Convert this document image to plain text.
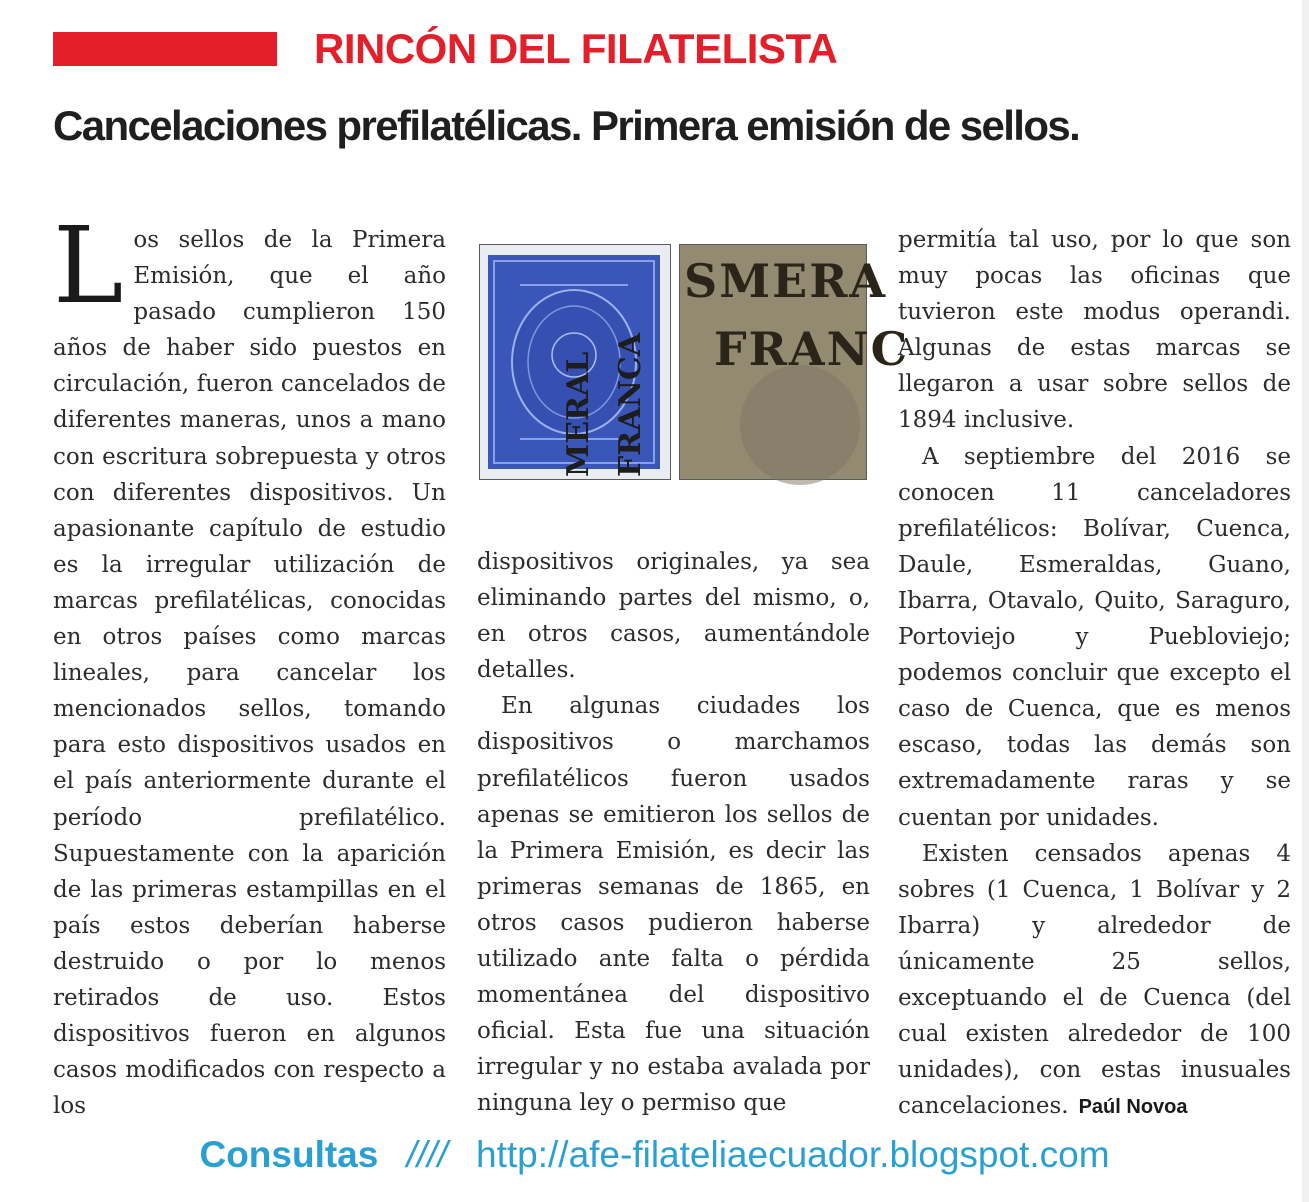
RINCÓN DEL FILATELISTA
Cancelaciones prefilatélicas. Primera emisión de sellos.

Los sellos de la Primera Emisión, que el año pasado cumplieron 150 años de haber sido puestos en circulación, fueron cancelados de diferentes maneras, unos a mano con escritura sobrepuesta y otros con diferentes dispositivos. Un apasionante capítulo de estudio es la irregular utilización de marcas prefilatélicas, conocidas en otros países como marcas lineales, para cancelar los mencionados sellos, tomando para esto dispositivos usados en el país anteriormente durante el período prefilatélico. Supuestamente con la aparición de las primeras estampillas en el país estos deberían haberse destruido o por lo menos retirados de uso. Estos dispositivos fueron en algunos casos modificados con respecto a los

MERAL FRANCA
SMERA
FRANC

dispositivos originales, ya sea eliminando partes del mismo, o, en otros casos, aumentándole detalles.

En algunas ciudades los dispositivos o marchamos prefilatélicos fueron usados apenas se emitieron los sellos de la Primera Emisión, es decir las primeras semanas de 1865, en otros casos pudieron haberse utilizado ante falta o pérdida momentánea del dispositivo oficial. Esta fue una situación irregular y no estaba avalada por ninguna ley o permiso que

permitía tal uso, por lo que son muy pocas las oficinas que tuvieron este modus operandi. Algunas de estas marcas se llegaron a usar sobre sellos de 1894 inclusive.

A septiembre del 2016 se conocen 11 canceladores prefilatélicos: Bolívar, Cuenca, Daule, Esmeraldas, Guano, Ibarra, Otavalo, Quito, Saraguro, Portoviejo y Puebloviejo; podemos concluir que excepto el caso de Cuenca, que es menos escaso, todas las demás son extremadamente raras y se cuentan por unidades.

Existen censados apenas 4 sobres (1 Cuenca, 1 Bolívar y 2 Ibarra) y alrededor de únicamente 25 sellos, exceptuando el de Cuenca (del cual existen alrededor de 100 unidades), con estas inusuales cancelaciones. Paúl Novoa

Consultas //// http://afe-filateliaecuador.blogspot.com
